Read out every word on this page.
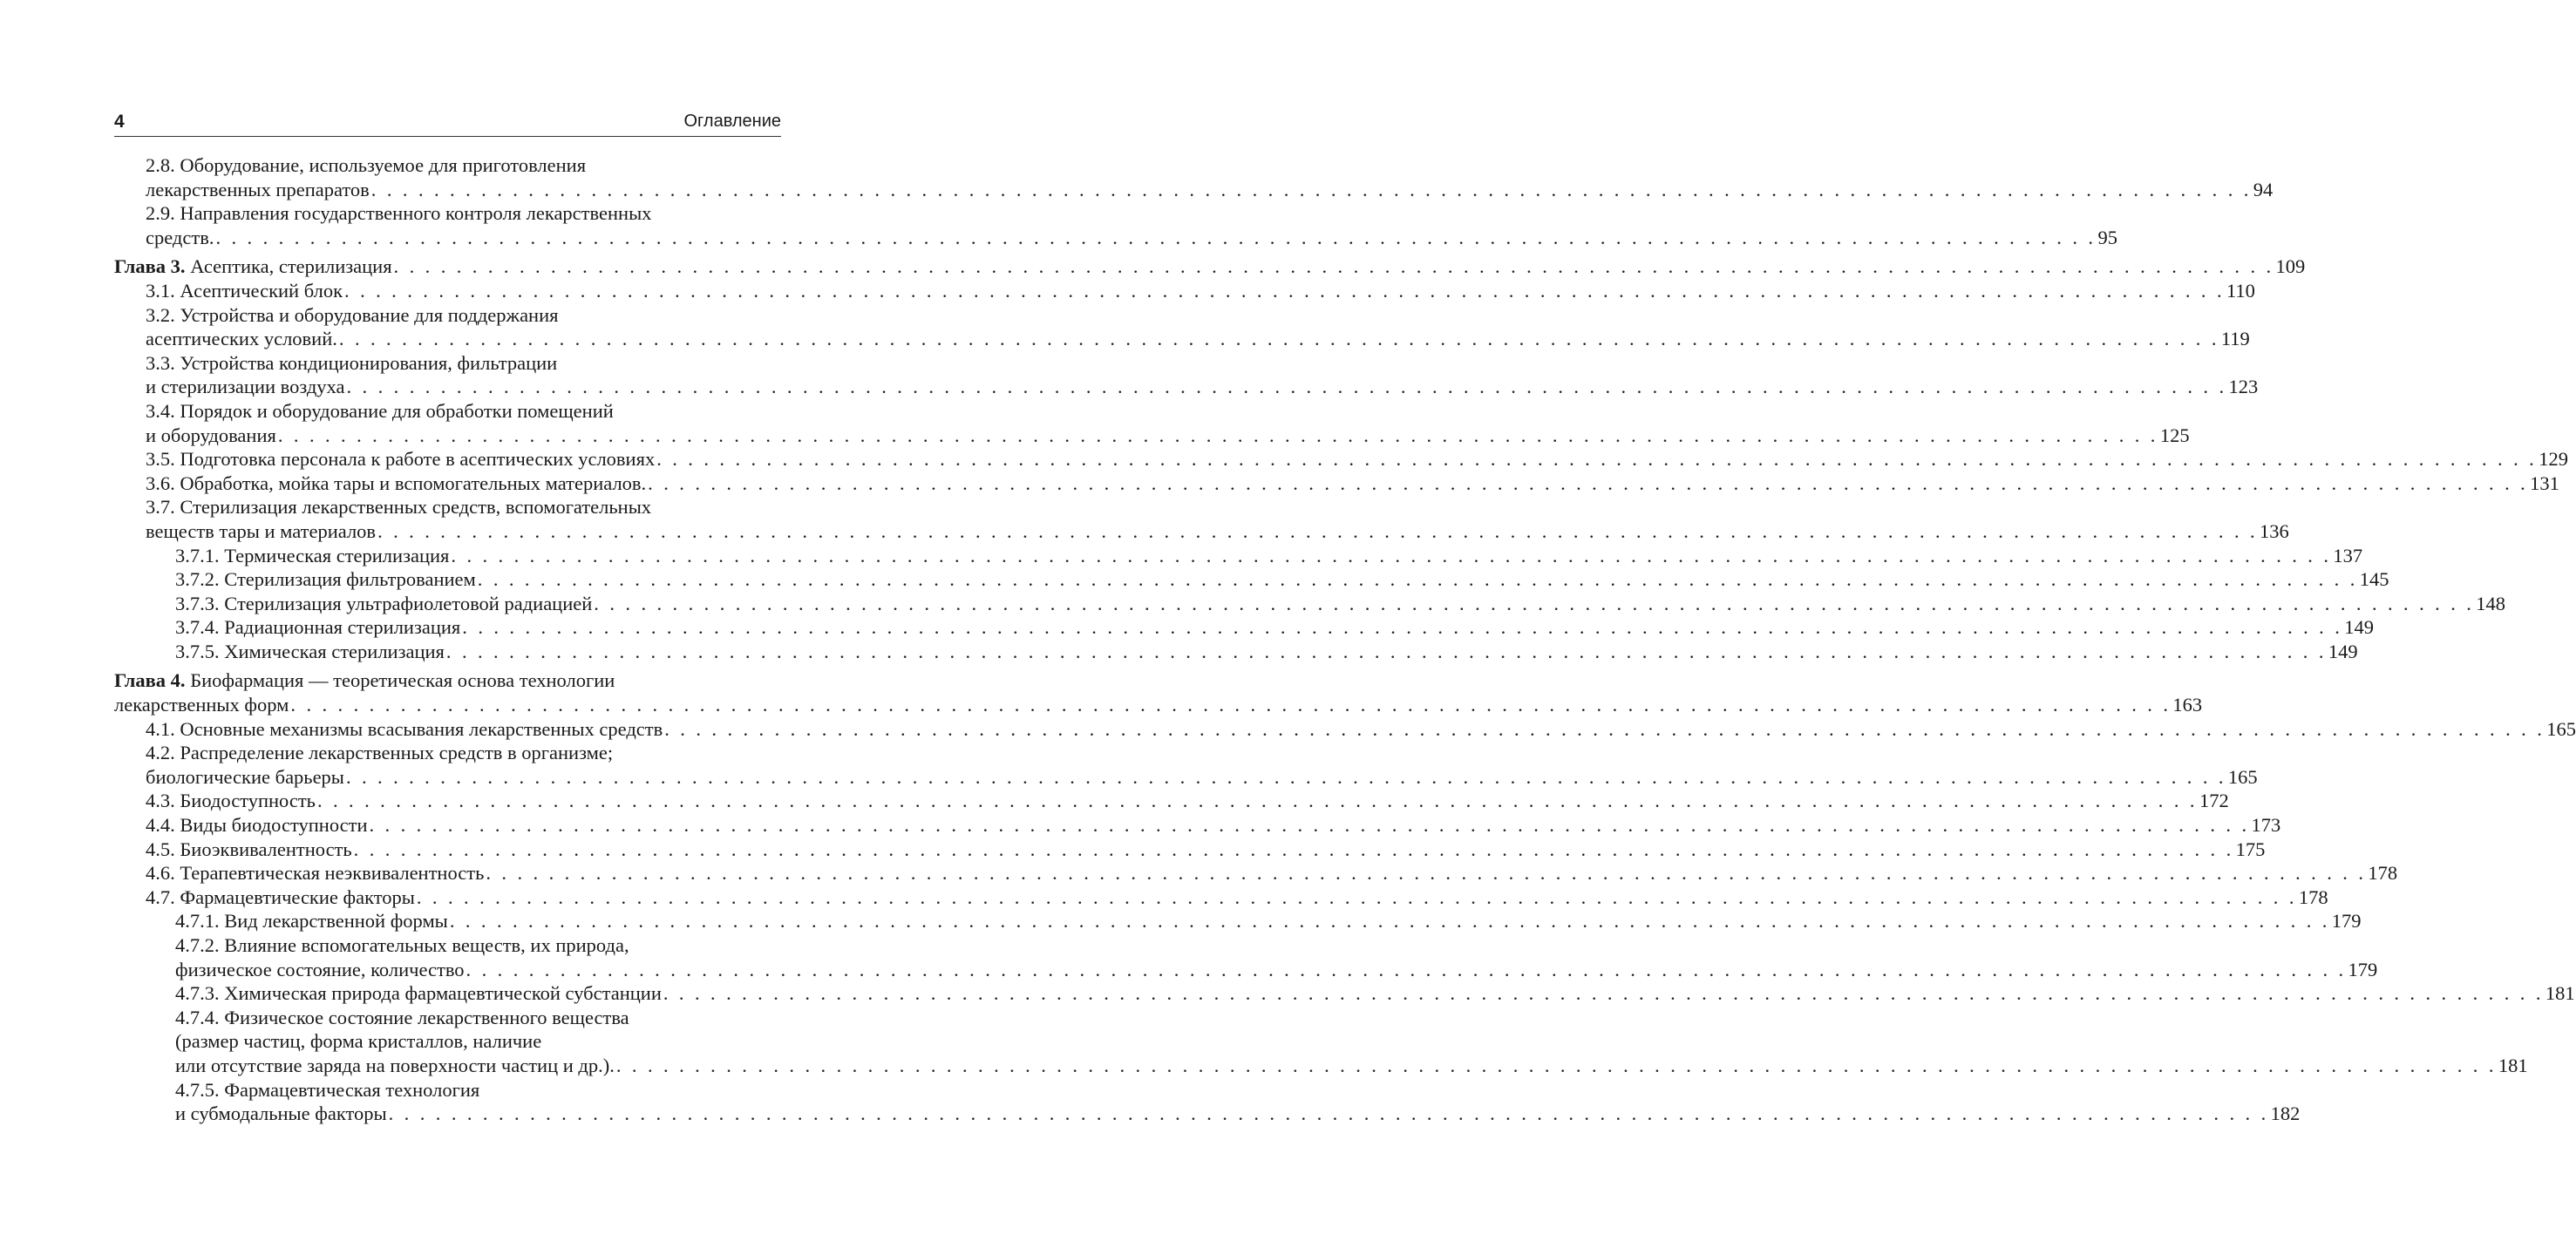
4	Оглавление
2.8. Оборудование, используемое для приготовления
лекарственных препаратов . . . . . . . . . . . . . . . . . . . . . . . . . . . . . . . . . . . . . . . . . . . . . . . . . . . . . . . . . . . . . . . . . . . . . . . . . . . . . . . . . . . . . . . . . . . . . . . . . . . . . . . . . . . . . . . . . . . . . . . . 94
2.9. Направления государственного контроля лекарственных
средств. . . . . . . . . . . . . . . . . . . . . . . . . . . . . . . . . . . . . . . . . . . . . . . . . . . . . . . . . . . . . . . . . . . . . . . . . . . . . . . . . . . . . . . . . . . . . . . . . . . . . . . . . . . . . . . . . . . . . . . . . 95
Глава 3. Асептика, стерилизация . . . . . . . . . . . . . . . . . . . . . . . . . . . . . . . . . . . . . . . . . . . . . . . . . . . . . . . . . . . . . . . . . . . . . . . . . . . . . . . . . . . . . . . . . . . . . . . . . . . . . . . . . . . . . . . . . . . . . . . . 109
3.1. Асептический блок . . . . . . . . . . . . . . . . . . . . . . . . . . . . . . . . . . . . . . . . . . . . . . . . . . . . . . . . . . . . . . . . . . . . . . . . . . . . . . . . . . . . . . . . . . . . . . . . . . . . . . . . . . . . . . . . . . . . . . . . 110
3.2. Устройства и оборудование для поддержания
асептических условий. . . . . . . . . . . . . . . . . . . . . . . . . . . . . . . . . . . . . . . . . . . . . . . . . . . . . . . . . . . . . . . . . . . . . . . . . . . . . . . . . . . . . . . . . . . . . . . . . . . . . . . . . . . . . . . . . . . . . . . . . 119
3.3. Устройства кондиционирования, фильтрации
и стерилизации воздуха . . . . . . . . . . . . . . . . . . . . . . . . . . . . . . . . . . . . . . . . . . . . . . . . . . . . . . . . . . . . . . . . . . . . . . . . . . . . . . . . . . . . . . . . . . . . . . . . . . . . . . . . . . . . . . . . . . . . . . . . 123
3.4. Порядок и оборудование для обработки помещений
и оборудования . . . . . . . . . . . . . . . . . . . . . . . . . . . . . . . . . . . . . . . . . . . . . . . . . . . . . . . . . . . . . . . . . . . . . . . . . . . . . . . . . . . . . . . . . . . . . . . . . . . . . . . . . . . . . . . . . . . . . . . . 125
3.5. Подготовка персонала к работе в асептических условиях . . . . . . . . . . . . . . . . . . . . . . . . . . . . . . . . . . . . . . . . . . . . . . . . . . . . . . . . . . . . . . . . . . . . . . . . . . . . . . . . . . . . . . . . . . . . . . . . . . . . . . . . . . . . . . . . . . . . . . . . 129
3.6. Обработка, мойка тары и вспомогательных материалов. . . . . . . . . . . . . . . . . . . . . . . . . . . . . . . . . . . . . . . . . . . . . . . . . . . . . . . . . . . . . . . . . . . . . . . . . . . . . . . . . . . . . . . . . . . . . . . . . . . . . . . . . . . . . . . . . . . . . . . . . 131
3.7. Стерилизация лекарственных средств, вспомогательных
веществ тары и материалов . . . . . . . . . . . . . . . . . . . . . . . . . . . . . . . . . . . . . . . . . . . . . . . . . . . . . . . . . . . . . . . . . . . . . . . . . . . . . . . . . . . . . . . . . . . . . . . . . . . . . . . . . . . . . . . . . . . . . . . . 136
3.7.1. Термическая стерилизация . . . . . . . . . . . . . . . . . . . . . . . . . . . . . . . . . . . . . . . . . . . . . . . . . . . . . . . . . . . . . . . . . . . . . . . . . . . . . . . . . . . . . . . . . . . . . . . . . . . . . . . . . . . . . . . . . . . . . . . . 137
3.7.2. Стерилизация фильтрованием . . . . . . . . . . . . . . . . . . . . . . . . . . . . . . . . . . . . . . . . . . . . . . . . . . . . . . . . . . . . . . . . . . . . . . . . . . . . . . . . . . . . . . . . . . . . . . . . . . . . . . . . . . . . . . . . . . . . . . . . 145
3.7.3. Стерилизация ультрафиолетовой радиацией . . . . . . . . . . . . . . . . . . . . . . . . . . . . . . . . . . . . . . . . . . . . . . . . . . . . . . . . . . . . . . . . . . . . . . . . . . . . . . . . . . . . . . . . . . . . . . . . . . . . . . . . . . . . . . . . . . . . . . . . 148
3.7.4. Радиационная стерилизация . . . . . . . . . . . . . . . . . . . . . . . . . . . . . . . . . . . . . . . . . . . . . . . . . . . . . . . . . . . . . . . . . . . . . . . . . . . . . . . . . . . . . . . . . . . . . . . . . . . . . . . . . . . . . . . . . . . . . . . . 149
3.7.5. Химическая стерилизация . . . . . . . . . . . . . . . . . . . . . . . . . . . . . . . . . . . . . . . . . . . . . . . . . . . . . . . . . . . . . . . . . . . . . . . . . . . . . . . . . . . . . . . . . . . . . . . . . . . . . . . . . . . . . . . . . . . . . . . . 149
Глава 4. Биофармация — теоретическая основа технологии
лекарственных форм . . . . . . . . . . . . . . . . . . . . . . . . . . . . . . . . . . . . . . . . . . . . . . . . . . . . . . . . . . . . . . . . . . . . . . . . . . . . . . . . . . . . . . . . . . . . . . . . . . . . . . . . . . . . . . . . . . . . . . . . 163
4.1. Основные механизмы всасывания лекарственных средств . . . . . . . . . . . . . . . . . . . . . . . . . . . . . . . . . . . . . . . . . . . . . . . . . . . . . . . . . . . . . . . . . . . . . . . . . . . . . . . . . . . . . . . . . . . . . . . . . . . . . . . . . . . . . . . . . . . . . . . . 165
4.2. Распределение лекарственных средств в организме;
биологические барьеры . . . . . . . . . . . . . . . . . . . . . . . . . . . . . . . . . . . . . . . . . . . . . . . . . . . . . . . . . . . . . . . . . . . . . . . . . . . . . . . . . . . . . . . . . . . . . . . . . . . . . . . . . . . . . . . . . . . . . . . . 165
4.3. Биодоступность . . . . . . . . . . . . . . . . . . . . . . . . . . . . . . . . . . . . . . . . . . . . . . . . . . . . . . . . . . . . . . . . . . . . . . . . . . . . . . . . . . . . . . . . . . . . . . . . . . . . . . . . . . . . . . . . . . . . . . . . 172
4.4. Виды биодоступности . . . . . . . . . . . . . . . . . . . . . . . . . . . . . . . . . . . . . . . . . . . . . . . . . . . . . . . . . . . . . . . . . . . . . . . . . . . . . . . . . . . . . . . . . . . . . . . . . . . . . . . . . . . . . . . . . . . . . . . . 173
4.5. Биоэквивалентность . . . . . . . . . . . . . . . . . . . . . . . . . . . . . . . . . . . . . . . . . . . . . . . . . . . . . . . . . . . . . . . . . . . . . . . . . . . . . . . . . . . . . . . . . . . . . . . . . . . . . . . . . . . . . . . . . . . . . . . . 175
4.6. Терапевтическая неэквивалентность . . . . . . . . . . . . . . . . . . . . . . . . . . . . . . . . . . . . . . . . . . . . . . . . . . . . . . . . . . . . . . . . . . . . . . . . . . . . . . . . . . . . . . . . . . . . . . . . . . . . . . . . . . . . . . . . . . . . . . . . 178
4.7. Фармацевтические факторы . . . . . . . . . . . . . . . . . . . . . . . . . . . . . . . . . . . . . . . . . . . . . . . . . . . . . . . . . . . . . . . . . . . . . . . . . . . . . . . . . . . . . . . . . . . . . . . . . . . . . . . . . . . . . . . . . . . . . . . . 178
4.7.1. Вид лекарственной формы . . . . . . . . . . . . . . . . . . . . . . . . . . . . . . . . . . . . . . . . . . . . . . . . . . . . . . . . . . . . . . . . . . . . . . . . . . . . . . . . . . . . . . . . . . . . . . . . . . . . . . . . . . . . . . . . . . . . . . . . 179
4.7.2. Влияние вспомогательных веществ, их природа,
физическое состояние, количество . . . . . . . . . . . . . . . . . . . . . . . . . . . . . . . . . . . . . . . . . . . . . . . . . . . . . . . . . . . . . . . . . . . . . . . . . . . . . . . . . . . . . . . . . . . . . . . . . . . . . . . . . . . . . . . . . . . . . . . . 179
4.7.3. Химическая природа фармацевтической субстанции . . . . . . . . . . . . . . . . . . . . . . . . . . . . . . . . . . . . . . . . . . . . . . . . . . . . . . . . . . . . . . . . . . . . . . . . . . . . . . . . . . . . . . . . . . . . . . . . . . . . . . . . . . . . . . . . . . . . . . . . 181
4.7.4. Физическое состояние лекарственного вещества
(размер частиц, форма кристаллов, наличие
или отсутствие заряда на поверхности частиц и др.). . . . . . . . . . . . . . . . . . . . . . . . . . . . . . . . . . . . . . . . . . . . . . . . . . . . . . . . . . . . . . . . . . . . . . . . . . . . . . . . . . . . . . . . . . . . . . . . . . . . . . . . . . . . . . . . . . . . . . . . . 181
4.7.5. Фармацевтическая технология
и субмодальные факторы . . . . . . . . . . . . . . . . . . . . . . . . . . . . . . . . . . . . . . . . . . . . . . . . . . . . . . . . . . . . . . . . . . . . . . . . . . . . . . . . . . . . . . . . . . . . . . . . . . . . . . . . . . . . . . . . . . . . . . . . 182
